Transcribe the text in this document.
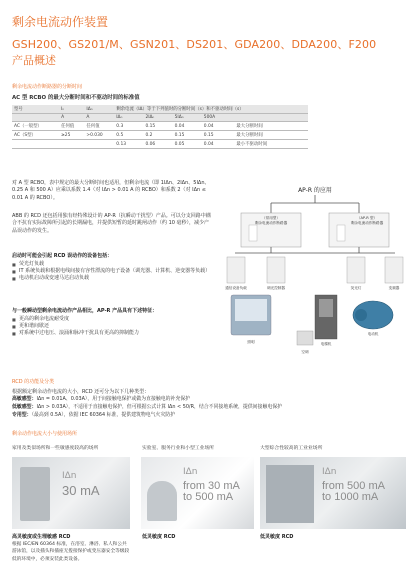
剩余电流动作装置
GSH200、GS201/M、GSN201、DS201、GDA200、DDA200、F200
产品概述
剩余电流动作断路器的分断时间
AC 型 RCBO 的最大分断时间和不驱动时间的标准值
型号	Iₙ	IΔₙ	剩余电流（IΔ）等于下列值时的分断时间（s）和不驱动时间（s）				
	A	A	IΔₙ	2IΔₙ	5IΔₙ	500A	
AC（一般型）	任何值	任何值	0.3	0.15	0.04	0.04	最大分断时间
AC（S型）	≥25	>0.030	0.5	0.2	0.15	0.15	最大分断时间
			0.13	0.06	0.05	0.04	最小不驱动时间
对 A 型 RCBO，表中规定的最大分断时间也适用，但剩余电流（即 1IΔn、2IΔn、5IΔn、0.25 A 和 500 A）应乘以系数 1.4（对 IΔn > 0.01 A 的 RCBO）和系数 2（对 IΔn ≤ 0.01 A 的 RCBO）。
ABB 的 RCD 还包括用独有经特殊设计的 AP-R（抗瞬动干扰型）产品。可以分支回路中耦合不抗有实际故障所引起的长期漏电，并提供短暂的延时跳闸动作（约 10 毫秒），减少产品误动作的发生。
启动时可能会引起 RCD 误动作的设备包括：
■ 荧光灯负载
■ IT 系统负载和根据电线间接有容性漂流的电子设备（调光器、计算机、逆变器等负载）
■ 电动机启动或变速马达启动负载
与一般瞬动型剩余电流动作产品相比，AP-R 产品具有下述特征：
■ 更高的剩余电流耐受度
■ 更和谐间歇还
■ 对系统中过电压、浪涌和脉冲干扰具有更高的抑制能力
AP-R 的应用
（常用型）
剩余电流动作断路器
（AP-R 型）
剩余电流动作断路器
通信设备负载	调光控制器	荧光灯	变频器
照明	电梯机
电动机
空调
RCD 的功能及分类
根据额定剩余动作电流的大小，RCD 还可分为以下几种类型：
高敏感型：IΔn = 0.01A、0.03A），用于间接触电保护或做为直接触电的补充保护
低敏感型：IΔn > 0.03A），不适用于直接触电保护，但可根据公式计算 IΔn < 50/R，结合不同接地系统，提供间接触电保护
专用型：（最高到 0.5A），依据 IEC 60364 标准，提供建筑物电气火灾防护
剩余动作电流大小与使用场所
家用及类似场所和一些敏感度较高的场所	实验室、服务行业和小型工业场所	大型综合性较高的工业业场所
IΔn
30 mA
IΔn
from 30 mA
to 500 mA
IΔn
from 500 mA
to 1000 mA
高灵敏度或生理敏感 RCD
根据 IEC/EN 60364 标准，在浴室、淋浴、私人和公共游泳馆，以及插头和插座无拨接保护或变压器安全等级较低的环境中，必须安装此类设备。
低灵敏度 RCD	低灵敏度 RCD
